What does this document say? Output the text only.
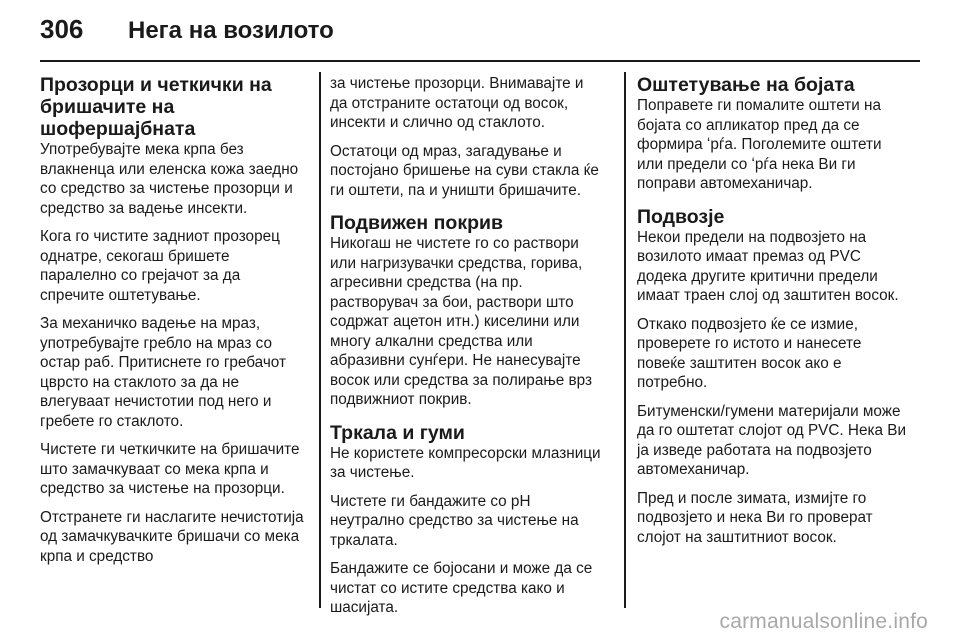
306	Нега на возилото
Прозорци и четкички на бришачите на шофершајбната

Употребувајте мека крпа без влакненца или еленска кожа заедно со средство за чистење прозорци и средство за вадење инсекти.

Кога го чистите задниот прозорец однатре, секогаш бришете паралелно со грејачот за да спречите оштетување.

За механичко вадење на мраз, употребувајте гребло на мраз со остар раб. Притиснете го гребачот цврсто на стаклото за да не влегуваат нечистотии под него и гребете го стаклото.

Чистете ги четкичките на бришачите што замачкуваат со мека крпа и средство за чистење на прозорци.

Отстранете ги наслагите нечистотија од замачкувачките бришачи со мека крпа и средство

за чистење прозорци. Внимавајте и да отстраните остатоци од восок, инсекти и слично од стаклото.

Остатоци од мраз, загадување и постојано бришење на суви стакла ќе ги оштети, па и уништи бришачите.

Подвижен покрив

Никогаш не чистете го со раствори или нагризувачки средства, горива, агресивни средства (на пр. растворувач за бои, раствори што содржат ацетон итн.) киселини или многу алкални средства или абразивни сунѓери. Не нанесувајте восок или средства за полирање врз подвижниот покрив.

Тркала и гуми

Не користете компресорски млазници за чистење.

Чистете ги бандажите со pH неутрално средство за чистење на тркалата.

Бандажите се бојосани и може да се чистат со истите средства како и шасијата.

Оштетување на бојата

Поправете ги помалите оштети на бојата со апликатор пред да се формира ʻрѓа. Поголемите оштети или предели со ʻрѓа нека Ви ги поправи автомеханичар.

Подвозје

Некои предели на подвозјето на возилото имаат премаз од PVC додека другите критични предели имаат траен слој од заштитен восок.

Откако подвозјето ќе се измие, проверете го истото и нанесете повеќе заштитен восок ако е потребно.

Битуменски/гумени материјали може да го оштетат слојот од PVC. Нека Ви ја изведе работата на подвозјето автомеханичар.

Пред и после зимата, измијте го подвозјето и нека Ви го проверат слојот на заштитниот восок.

carmanualsonline.info
